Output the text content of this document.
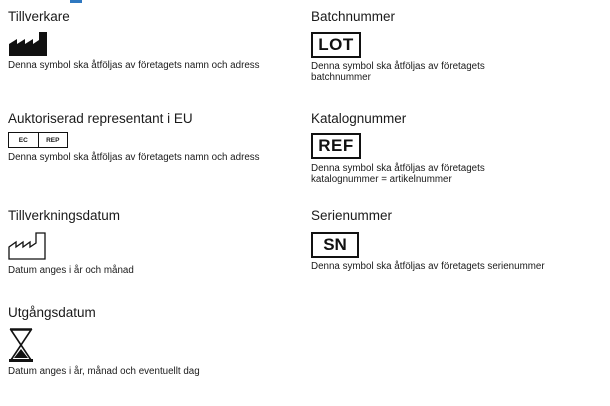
Tillverkare
Denna symbol ska åtföljas av företagets namn och adress
Auktoriserad representant i EU
EC	REP
Denna symbol ska åtföljas av företagets namn och adress
Tillverkningsdatum
Datum anges i år och månad
Utgångsdatum
Datum anges i år, månad och eventuellt dag
Batchnummer
LOT
Denna symbol ska åtföljas av företagets batchnummer
Katalognummer
REF
Denna symbol ska åtföljas av företagets katalognummer = artikelnummer
Serienummer
SN
Denna symbol ska åtföljas av företagets serienummer
